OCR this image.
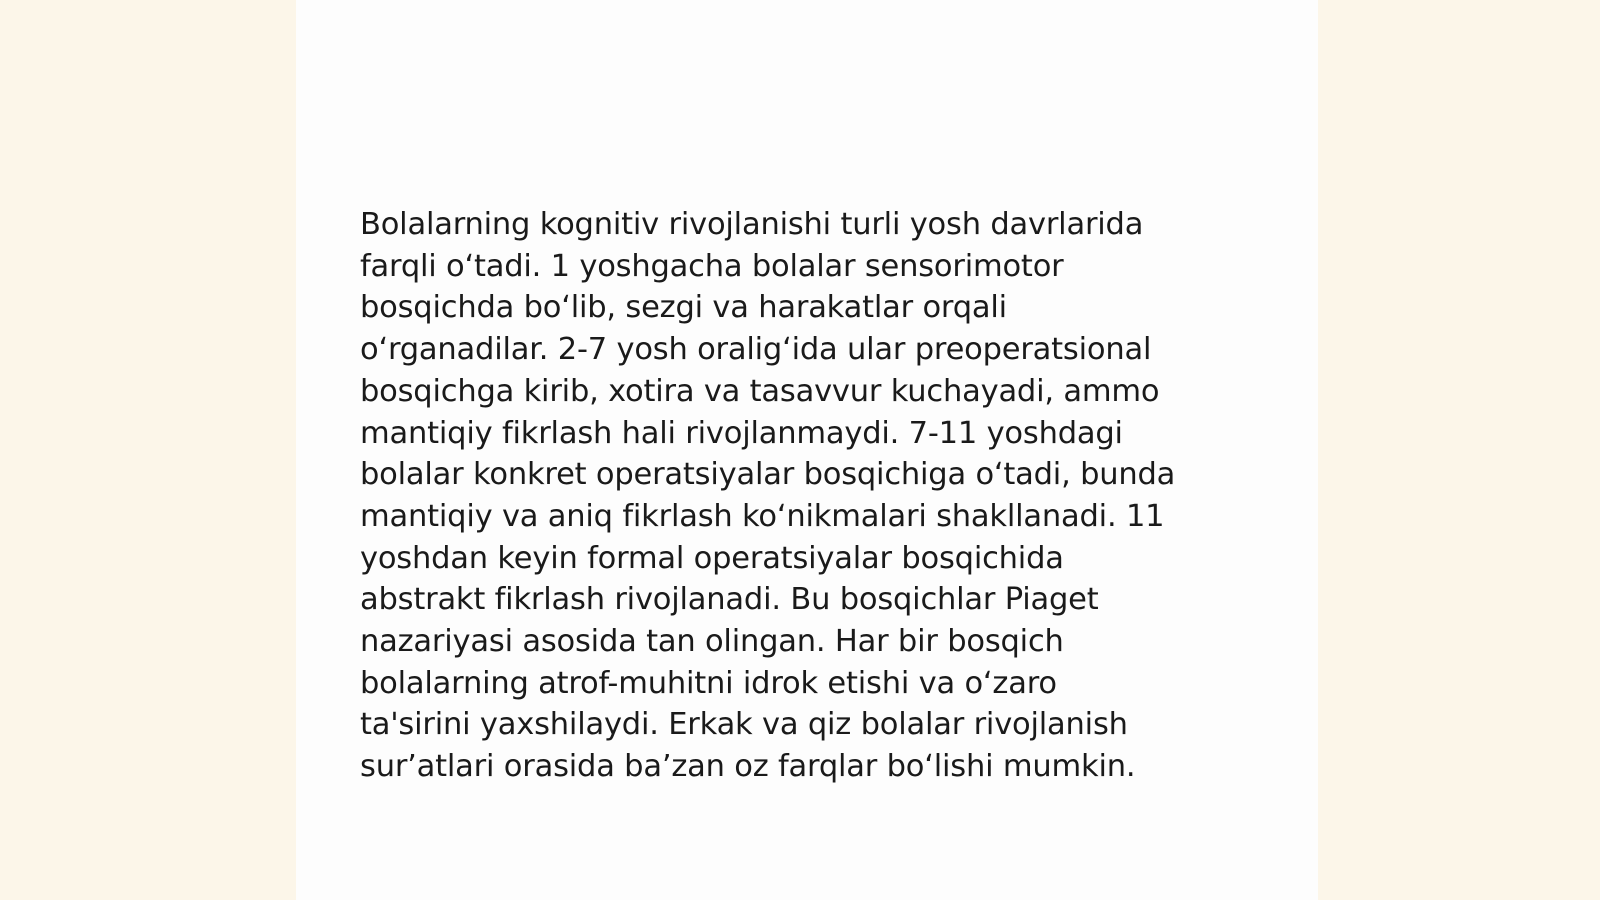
Bolalarning kognitiv rivojlanishi turli yosh davrlarida
farqli oʻtadi. 1 yoshgacha bolalar sensorimotor
bosqichda boʻlib, sezgi va harakatlar orqali
oʻrganadilar. 2-7 yosh oraligʻida ular preoperatsional
bosqichga kirib, xotira va tasavvur kuchayadi, ammo
mantiqiy fikrlash hali rivojlanmaydi. 7-11 yoshdagi
bolalar konkret operatsiyalar bosqichiga oʻtadi, bunda
mantiqiy va aniq fikrlash koʻnikmalari shakllanadi. 11
yoshdan keyin formal operatsiyalar bosqichida
abstrakt fikrlash rivojlanadi. Bu bosqichlar Piaget
nazariyasi asosida tan olingan. Har bir bosqich
bolalarning atrof-muhitni idrok etishi va oʻzaro
ta'sirini yaxshilaydi. Erkak va qiz bolalar rivojlanish
surʼatlari orasida baʼzan oz farqlar boʻlishi mumkin.
